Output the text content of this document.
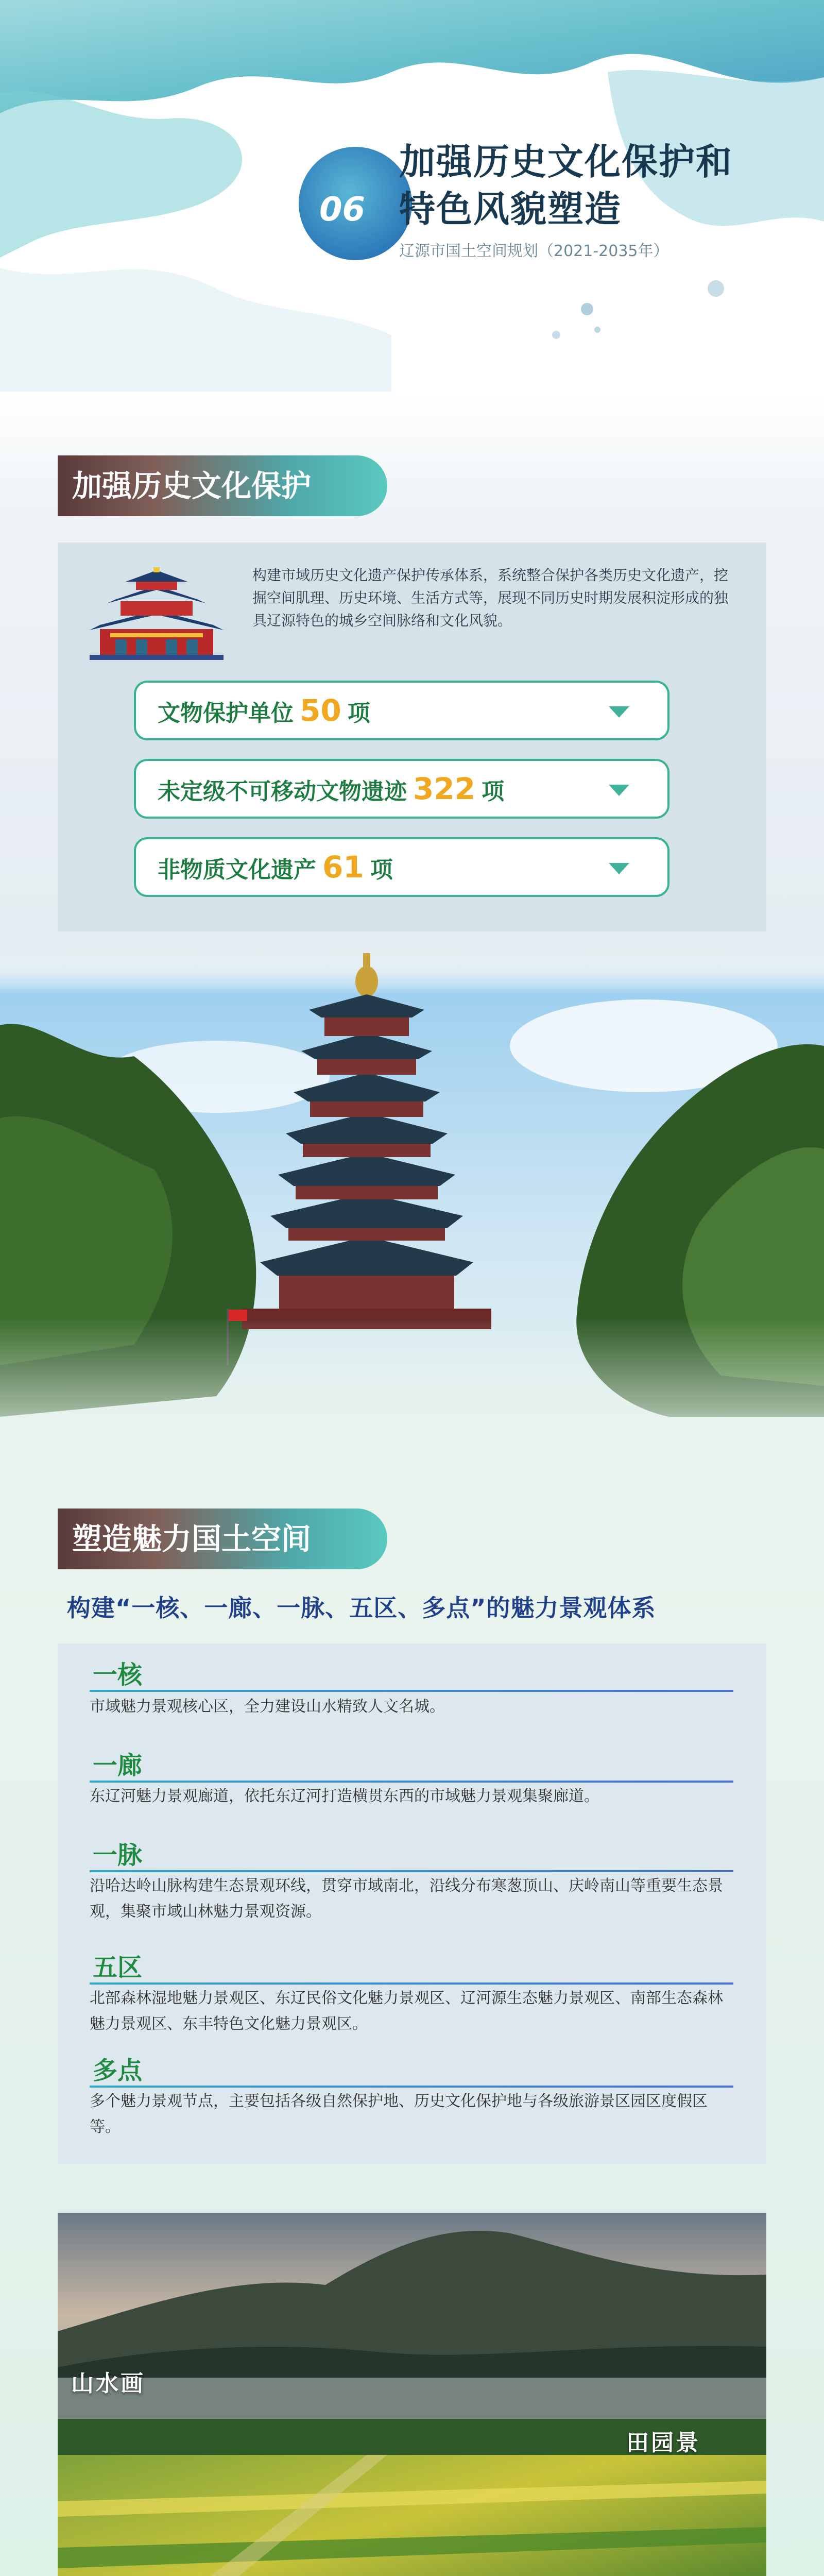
06
加强历史文化保护和
特色风貌塑造
辽源市国土空间规划（2021-2035年）
加强历史文化保护
构建市域历史文化遗产保护传承体系，系统整合保护各类历史文化遗产，挖掘空间肌理、历史环境、生活方式等，展现不同历史时期发展积淀形成的独具辽源特色的城乡空间脉络和文化风貌。
文物保护单位 50 项
未定级不可移动文物遗迹 322 项
非物质文化遗产 61 项
塑造魅力国土空间
构建“一核、一廊、一脉、五区、多点”的魅力景观体系
一核
市域魅力景观核心区，全力建设山水精致人文名城。
一廊
东辽河魅力景观廊道，依托东辽河打造横贯东西的市域魅力景观集聚廊道。
一脉
沿哈达岭山脉构建生态景观环线，贯穿市域南北，沿线分布寒葱顶山、庆岭南山等重要生态景观，集聚市域山林魅力景观资源。
五区
北部森林湿地魅力景观区、东辽民俗文化魅力景观区、辽河源生态魅力景观区、南部生态森林魅力景观区、东丰特色文化魅力景观区。
多点
多个魅力景观节点，主要包括各级自然保护地、历史文化保护地与各级旅游景区园区度假区等。
山水画
田园景
